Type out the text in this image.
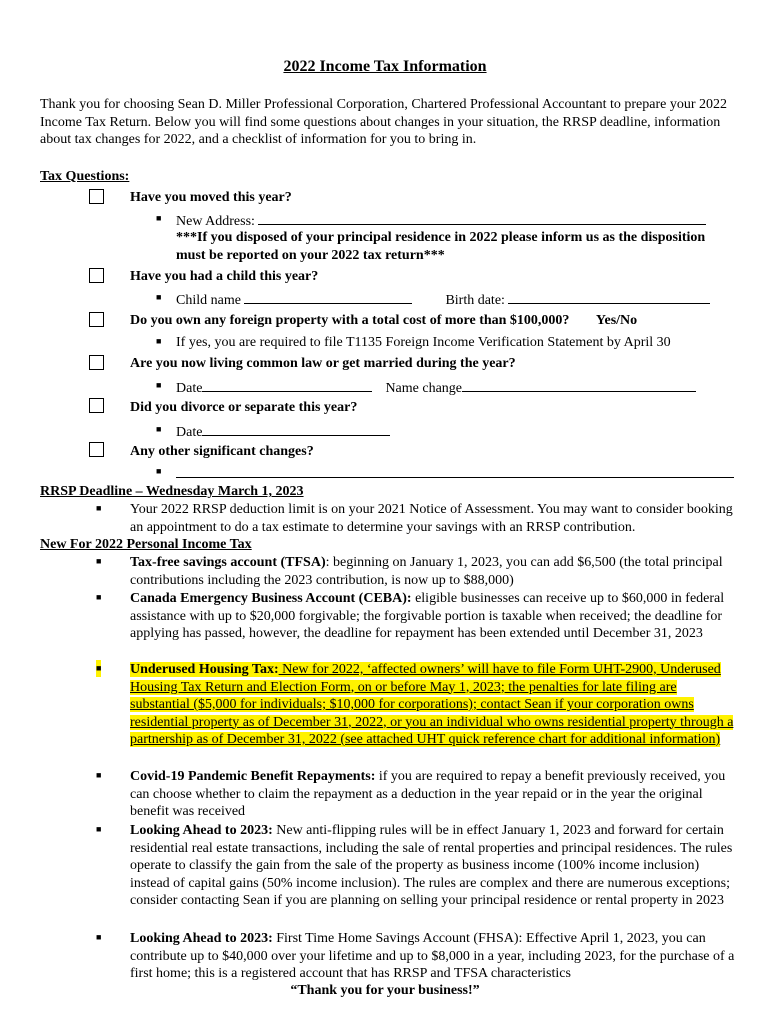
2022 Income Tax Information
Thank you for choosing Sean D. Miller Professional Corporation, Chartered Professional Accountant to prepare your 2022 Income Tax Return. Below you will find some questions about changes in your situation, the RRSP deadline, information about tax changes for 2022, and a checklist of information for you to bring in.
Tax Questions:
Have you moved this year?
■ New Address:
***If you disposed of your principal residence in 2022 please inform us as the disposition must be reported on your 2022 tax return***
Have you had a child this year?
■ Child name	Birth date:
Do you own any foreign property with a total cost of more than $100,000? Yes/No
■ If yes, you are required to file T1135 Foreign Income Verification Statement by April 30
Are you now living common law or get married during the year?
■ Date	Name change
Did you divorce or separate this year?
■ Date
Any other significant changes?
■
RRSP Deadline – Wednesday March 1, 2023
■ Your 2022 RRSP deduction limit is on your 2021 Notice of Assessment. You may want to consider booking an appointment to do a tax estimate to determine your savings with an RRSP contribution.
New For 2022 Personal Income Tax
■ Tax-free savings account (TFSA): beginning on January 1, 2023, you can add $6,500 (the total principal contributions including the 2023 contribution, is now up to $88,000)
■ Canada Emergency Business Account (CEBA): eligible businesses can receive up to $60,000 in federal assistance with up to $20,000 forgivable; the forgivable portion is taxable when received; the deadline for applying has passed, however, the deadline for repayment has been extended until December 31, 2023
■ Underused Housing Tax: New for 2022, ‘affected owners’ will have to file Form UHT-2900, Underused Housing Tax Return and Election Form, on or before May 1, 2023; the penalties for late filing are substantial ($5,000 for individuals; $10,000 for corporations); contact Sean if your corporation owns residential property as of December 31, 2022, or you an individual who owns residential property through a partnership as of December 31, 2022 (see attached UHT quick reference chart for additional information)
■ Covid-19 Pandemic Benefit Repayments: if you are required to repay a benefit previously received, you can choose whether to claim the repayment as a deduction in the year repaid or in the year the original benefit was received
■ Looking Ahead to 2023: New anti-flipping rules will be in effect January 1, 2023 and forward for certain residential real estate transactions, including the sale of rental properties and principal residences. The rules operate to classify the gain from the sale of the property as business income (100% income inclusion) instead of capital gains (50% income inclusion). The rules are complex and there are numerous exceptions; consider contacting Sean if you are planning on selling your principal residence or rental property in 2023
■ Looking Ahead to 2023: First Time Home Savings Account (FHSA): Effective April 1, 2023, you can contribute up to $40,000 over your lifetime and up to $8,000 in a year, including 2023, for the purchase of a first home; this is a registered account that has RRSP and TFSA characteristics
“Thank you for your business!”
